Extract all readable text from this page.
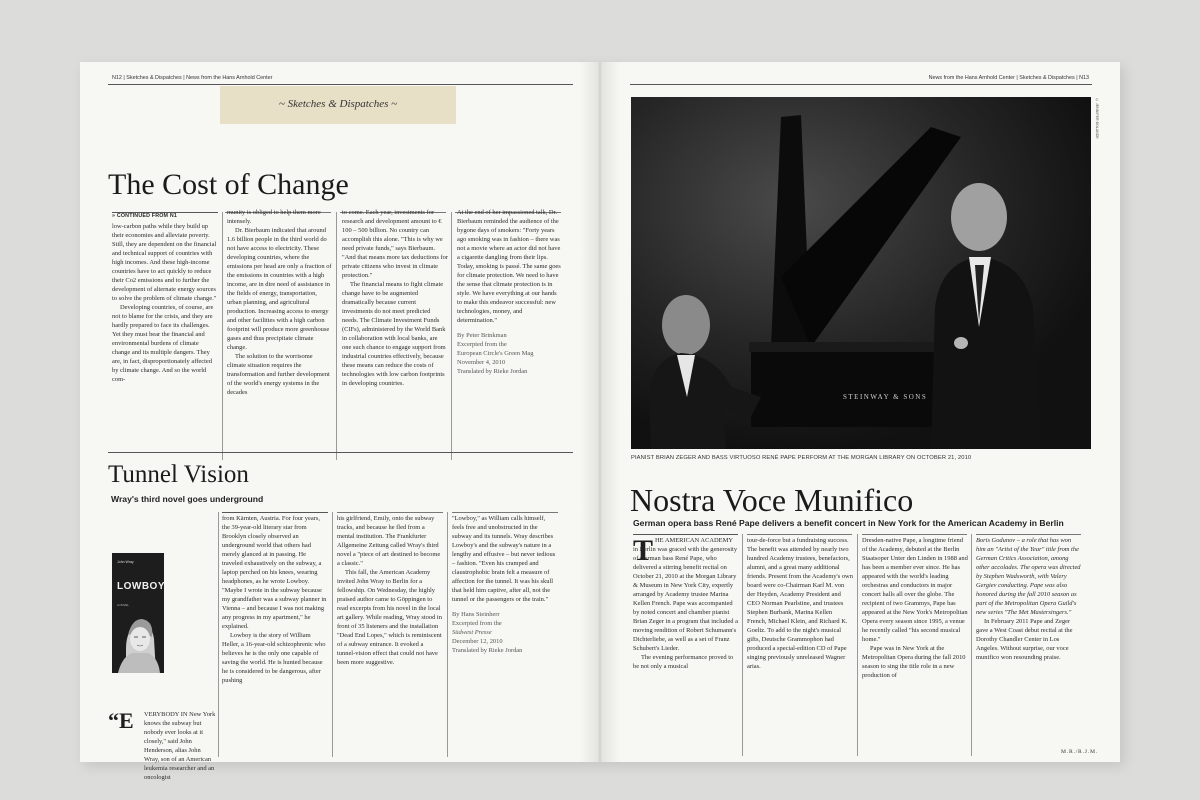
N12 | Sketches & Dispatches | News from the Hans Arnhold Center
~ Sketches & Dispatches ~
The Cost of Change
» CONTINUED FROM N1

low-carbon paths while they build up their economies and alleviate poverty. Still, they are dependent on the financial and technical support of countries with high incomes. And these high-income countries have to act quickly to reduce their Co2 emissions and to further the development of alternate energy sources to solve the problem of climate change."

Developing countries, of course, are not to blame for the crisis, and they are hardly prepared to face its challenges. Yet they must bear the financial and environmental burdens of climate change and its multiple dangers. They are, in fact, disproportionately affected by climate change. And so the world com-

munity is obliged to help them more intensely.

Dr. Bierbaum indicated that around 1.6 billion people in the third world do not have access to electricity. These developing countries, where the emissions per head are only a fraction of the emissions in countries with a high income, are in dire need of assistance in the fields of energy, transportation, urban planning, and agricultural production. Increasing access to energy and other facilities with a high carbon footprint will produce more greenhouse gases and thus precipitate climate change.

The solution to the worrisome climate situation requires the transformation and further development of the world's energy systems in the decades

to come. Each year, investments for research and development amount to € 100 – 500 billion. No country can accomplish this alone. "This is why we need private funds," says Bierbaum. "And that means more tax deductions for private citizens who invest in climate protection."

The financial means to fight climate change have to be augmented dramatically because current investments do not meet predicted needs. The Climate Investment Funds (CIFs), administered by the World Bank in collaboration with local banks, are one such chance to engage support from industrial countries effectively, because these means can reduce the costs of technologies with low carbon footprints in developing countries.

At the end of her impassioned talk, Dr. Bierbaum reminded the audience of the bygone days of smokers: "Forty years ago smoking was in fashion – there was not a movie where an actor did not have a cigarette dangling from their lips. Today, smoking is passé. The same goes for climate protection. We need to have the sense that climate protection is in style. We have everything at our hands to make this endeavor successful: new technologies, money, and determination."

By Peter Brinkman

Excerpted from the

European Circle's Green Mag

November 4, 2010

Translated by Rieke Jordan

Tunnel Vision
Wray's third novel goes underground
John Wray
LOWBOY
A NOVEL
“E VERYBODY IN New York knows the subway but nobody ever looks at it closely," said John Henderson, alias John Wray, son of an American leukemia researcher and an oncologist

from Kärnten, Austria. For four years, the 39-year-old literary star from Brooklyn closely observed an underground world that others had merely glanced at in passing. He traveled exhaustively on the subway, a laptop perched on his knees, wearing headphones, as he wrote Lowboy. "Maybe I wrote in the subway because my grandfather was a subway planner in Vienna – and because I was not making any progress in my apartment," he explained.

Lowboy is the story of William Heller, a 16-year-old schizophrenic who believes he is the only one capable of saving the world. He is hunted because he is considered to be dangerous, after pushing

his girlfriend, Emily, onto the subway tracks, and because he fled from a mental institution. The Frankfurter Allgemeine Zeitung called Wray's third novel a "piece of art destined to become a classic."

This fall, the American Academy invited John Wray to Berlin for a fellowship. On Wednesday, the highly praised author came to Göppingen to read excerpts from his novel in the local art gallery. While reading, Wray stood in front of 35 listeners and the installation "Dead End Lopes," which is reminiscent of a subway entrance. It evoked a tunnel-vision effect that could not have been more suggestive.

"Lowboy," as William calls himself, feels free and unobstructed in the subway and its tunnels. Wray describes Lowboy's and the subway's nature in a lengthy and effusive – but never tedious – fashion. "Even his cramped and claustrophobic brain felt a measure of affection for the tunnel. It was his skull that held him captive, after all, not the tunnel or the passengers or the train."

By Hans Steinherr

Excerpted from the

Südwest Presse

December 12, 2010

Translated by Rieke Jordan

News from the Hans Arnhold Center | Sketches & Dispatches | N13
STEINWAY & SONS
© JENNIFER BOLANDE
PIANIST BRIAN ZEGER AND BASS VIRTUOSO RENÉ PAPE PERFORM AT THE MORGAN LIBRARY ON OCTOBER 21, 2010
Nostra Voce Munifico
German opera bass René Pape delivers a benefit concert in New York for the American Academy in Berlin
T HE AMERICAN ACADEMY in Berlin was graced with the generosity of German bass René Pape, who delivered a stirring benefit recital on October 21, 2010 at the Morgan Library & Museum in New York City, expertly arranged by Academy trustee Marina Kellen French. Pape was accompanied by noted concert and chamber pianist Brian Zeger in a program that included a moving rendition of Robert Schumann's Dichterliebe, as well as a set of Franz Schubert's Lieder.

The evening performance proved to be not only a musical

tour-de-force but a fundraising success. The benefit was attended by nearly two hundred Academy trustees, benefactors, alumni, and a great many additional friends. Present from the Academy's own board were co-Chairman Karl M. von der Heyden, Academy President and CEO Norman Pearlstine, and trustees Stephen Burbank, Marina Kellen French, Michael Klein, and Richard K. Goeltz. To add to the night's musical gifts, Deutsche Grammophon had produced a special-edition CD of Pape singing previously unreleased Wagner arias.

Dresden-native Pape, a longtime friend of the Academy, debuted at the Berlin Staatsoper Unter den Linden in 1988 and has been a member ever since. He has appeared with the world's leading orchestras and conductors in major concert halls all over the globe. The recipient of two Grammys, Pape has appeared at the New York's Metropolitan Opera every season since 1995, a venue he recently called "his second musical home."

Pape was in New York at the Metropolitan Opera during the fall 2010 season to sing the title role in a new production of

Boris Godunov – a role that has won him an "Artist of the Year" title from the German Critics Association, among other accolades. The opera was directed by Stephen Wadsworth, with Valery Gergiev conducting. Pape was also honored during the fall 2010 season as part of the Metropolitan Opera Guild's new series "The Met Mastersingers."

In February 2011 Pape and Zeger gave a West Coast debut recital at the Dorothy Chandler Center in Los Angeles. Without surprise, our voce munifico won resounding praise.

M.R./R.J.M.
